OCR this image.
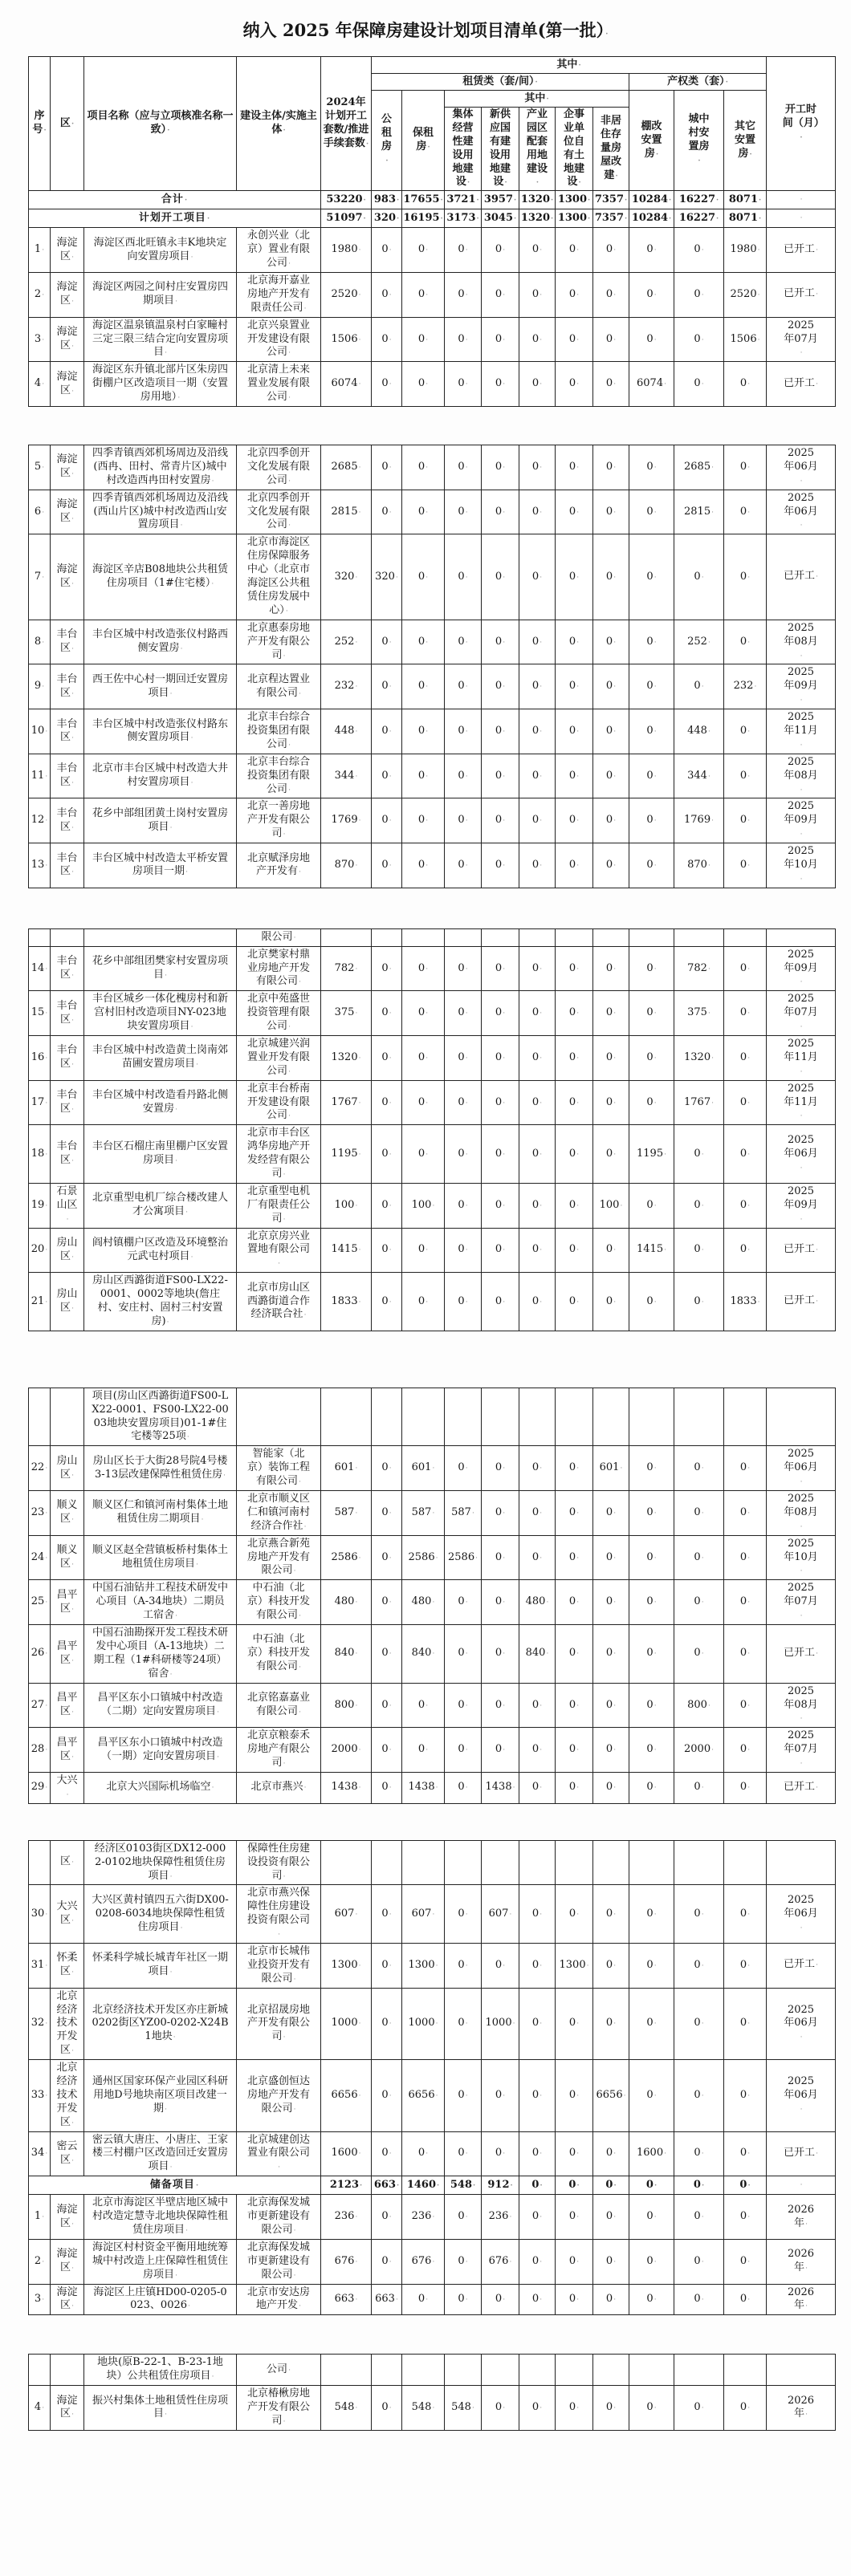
纳入 2025 年保障房建设计划项目清单(第一批） ·
序号 ·	区 ·	项目名称（应与立项核准名称一致） ·	建设主体/实施主体 ·	2024年计划开工套数/推进手续套数 ·	其中 ·										开工时间（月） ·
					租赁类（套/间） ·							产权类（套） ·
					公租房 ·	保租房 ·	其中 ·					棚改安置房 ·	城中村安置房 ·	其它安置房 ·
							集体经营性建设用地建设 ·	新供应国有建设用地建设 ·	产业园区配套用地建设 ·	企事业单位自有土地建设 ·	非居住存量房屋改建 ·
合计 ·				53220 ·	983 ·	17655 ·	3721 ·	3957 ·	1320 ·	1300 ·	7357 ·	10284 ·	16227 ·	8071 ·	·
计划开工项目 ·				51097 ·	320 ·	16195 ·	3173 ·	3045 ·	1320 ·	1300 ·	7357 ·	10284 ·	16227 ·	8071 ·	·
1 ·	海淀区 ·	海淀区西北旺镇永丰K地块定向安置房项目 ·	永创兴业（北京）置业有限公司 ·	1980 ·	0 ·	0 ·	0 ·	0 ·	0 ·	0 ·	0 ·	0 ·	0 ·	1980 ·	已开工 ·
2 ·	海淀区 ·	海淀区两园之间村庄安置房四期项目 ·	北京海开嘉业房地产开发有限责任公司 ·	2520 ·	0 ·	0 ·	0 ·	0 ·	0 ·	0 ·	0 ·	0 ·	0 ·	2520 ·	已开工 ·
3 ·	海淀区 ·	海淀区温泉镇温泉村白家疃村三定三限三结合定向安置房项目 ·	北京兴泉置业开发建设有限公司 ·	1506 ·	0 ·	0 ·	0 ·	0 ·	0 ·	0 ·	0 ·	0 ·	0 ·	1506 ·	2025年07月 ·
4 ·	海淀区 ·	海淀区东升镇北部片区朱房四街棚户区改造项目一期（安置房用地） ·	北京清上未来置业发展有限公司 ·	6074 ·	0 ·	0 ·	0 ·	0 ·	0 ·	0 ·	0 ·	6074 ·	0 ·	0 ·	已开工 ·
5 ·	海淀区 ·	四季青镇西郊机场周边及沿线(西冉、田村、常青片区)城中村改造西冉田村安置房 ·	北京四季创开文化发展有限公司 ·	2685 ·	0 ·	0 ·	0 ·	0 ·	0 ·	0 ·	0 ·	0 ·	2685 ·	0 ·	2025年06月 ·
6 ·	海淀区 ·	四季青镇西郊机场周边及沿线(西山片区)城中村改造西山安置房项目 ·	北京四季创开文化发展有限公司 ·	2815 ·	0 ·	0 ·	0 ·	0 ·	0 ·	0 ·	0 ·	0 ·	2815 ·	0 ·	2025年06月 ·
7 ·	海淀区 ·	海淀区辛店B08地块公共租赁住房项目（1#住宅楼） ·	北京市海淀区住房保障服务中心（北京市海淀区公共租赁住房发展中心） ·	320 ·	320 ·	0 ·	0 ·	0 ·	0 ·	0 ·	0 ·	0 ·	0 ·	0 ·	已开工 ·
8 ·	丰台区 ·	丰台区城中村改造张仪村路西侧安置房 ·	北京惠泰房地产开发有限公司 ·	252 ·	0 ·	0 ·	0 ·	0 ·	0 ·	0 ·	0 ·	0 ·	252 ·	0 ·	2025年08月 ·
9 ·	丰台区 ·	西王佐中心村一期回迁安置房项目 ·	北京程达置业有限公司 ·	232 ·	0 ·	0 ·	0 ·	0 ·	0 ·	0 ·	0 ·	0 ·	0 ·	232 ·	2025年09月 ·
10 ·	丰台区 ·	丰台区城中村改造张仪村路东侧安置房项目 ·	北京丰台综合投资集团有限公司 ·	448 ·	0 ·	0 ·	0 ·	0 ·	0 ·	0 ·	0 ·	0 ·	448 ·	0 ·	2025年11月 ·
11 ·	丰台区 ·	北京市丰台区城中村改造大井村安置房项目 ·	北京丰台综合投资集团有限公司 ·	344 ·	0 ·	0 ·	0 ·	0 ·	0 ·	0 ·	0 ·	0 ·	344 ·	0 ·	2025年08月 ·
12 ·	丰台区 ·	花乡中部组团黄土岗村安置房项目 ·	北京一善房地产开发有限公司 ·	1769 ·	0 ·	0 ·	0 ·	0 ·	0 ·	0 ·	0 ·	0 ·	1769 ·	0 ·	2025年09月 ·
13 ·	丰台区 ·	丰台区城中村改造太平桥安置房项目一期 ·	北京赋泽房地产开发有 ·	870 ·	0 ·	0 ·	0 ·	0 ·	0 ·	0 ·	0 ·	0 ·	870 ·	0 ·	2025年10月 ·
			限公司 ·												
14 ·	丰台区 ·	花乡中部组团樊家村安置房项目 ·	北京樊家村鼎业房地产开发有限公司 ·	782 ·	0 ·	0 ·	0 ·	0 ·	0 ·	0 ·	0 ·	0 ·	782 ·	0 ·	2025年09月 ·
15 ·	丰台区 ·	丰台区城乡一体化槐房村和新宫村旧村改造项目NY-023地块安置房项目 ·	北京中苑盛世投资管理有限公司 ·	375 ·	0 ·	0 ·	0 ·	0 ·	0 ·	0 ·	0 ·	0 ·	375 ·	0 ·	2025年07月 ·
16 ·	丰台区 ·	丰台区城中村改造黄土岗南郊苗圃安置房项目 ·	北京城建兴润置业开发有限公司 ·	1320 ·	0 ·	0 ·	0 ·	0 ·	0 ·	0 ·	0 ·	0 ·	1320 ·	0 ·	2025年11月 ·
17 ·	丰台区 ·	丰台区城中村改造看丹路北侧安置房 ·	北京丰台桥南开发建设有限公司 ·	1767 ·	0 ·	0 ·	0 ·	0 ·	0 ·	0 ·	0 ·	0 ·	1767 ·	0 ·	2025年11月 ·
18 ·	丰台区 ·	丰台区石榴庄南里棚户区安置房项目 ·	北京市丰台区鸿华房地产开发经营有限公司 ·	1195 ·	0 ·	0 ·	0 ·	0 ·	0 ·	0 ·	0 ·	1195 ·	0 ·	0 ·	2025年06月 ·
19 ·	石景山区 ·	北京重型电机厂综合楼改建人才公寓项目 ·	北京重型电机厂有限责任公司 ·	100 ·	0 ·	100 ·	0 ·	0 ·	0 ·	0 ·	100 ·	0 ·	0 ·	0 ·	2025年09月 ·
20 ·	房山区 ·	阎村镇棚户区改造及环境整治元武屯村项目 ·	北京京房兴业置地有限公司 ·	1415 ·	0 ·	0 ·	0 ·	0 ·	0 ·	0 ·	0 ·	1415 ·	0 ·	0 ·	已开工 ·
21 ·	房山区 ·	房山区西潞街道FS00-LX22-0001、0002等地块(詹庄村、安庄村、固村三村安置房) ·	北京市房山区西潞街道合作经济联合社 ·	1833 ·	0 ·	0 ·	0 ·	0 ·	0 ·	0 ·	0 ·	0 ·	0 ·	1833 ·	已开工 ·
		项目(房山区西潞街道FS00-LX22-0001、FS00-LX22-0003地块安置房项目)01-1#住宅楼等25项 ·													
22 ·	房山区 ·	房山区长于大街28号院4号楼3-13层改建保障性租赁住房 ·	智能家（北京）装饰工程有限公司 ·	601 ·	0 ·	601 ·	0 ·	0 ·	0 ·	0 ·	601 ·	0 ·	0 ·	0 ·	2025年06月 ·
23 ·	顺义区 ·	顺义区仁和镇河南村集体土地租赁住房二期项目 ·	北京市顺义区仁和镇河南村经济合作社 ·	587 ·	0 ·	587 ·	587 ·	0 ·	0 ·	0 ·	0 ·	0 ·	0 ·	0 ·	2025年08月 ·
24 ·	顺义区 ·	顺义区赵全营镇板桥村集体土地租赁住房项目 ·	北京燕合新苑房地产开发有限公司 ·	2586 ·	0 ·	2586 ·	2586 ·	0 ·	0 ·	0 ·	0 ·	0 ·	0 ·	0 ·	2025年10月 ·
25 ·	昌平区 ·	中国石油钻井工程技术研发中心项目（A-34地块）二期员工宿舍 ·	中石油（北京）科技开发有限公司 ·	480 ·	0 ·	480 ·	0 ·	0 ·	480 ·	0 ·	0 ·	0 ·	0 ·	0 ·	2025年07月 ·
26 ·	昌平区 ·	中国石油勘探开发工程技术研发中心项目（A-13地块）二期工程（1#科研楼等24项）宿舍 ·	中石油（北京）科技开发有限公司 ·	840 ·	0 ·	840 ·	0 ·	0 ·	840 ·	0 ·	0 ·	0 ·	0 ·	0 ·	已开工 ·
27 ·	昌平区 ·	昌平区东小口镇城中村改造（二期）定向安置房项目 ·	北京铭嘉嘉业有限公司 ·	800 ·	0 ·	0 ·	0 ·	0 ·	0 ·	0 ·	0 ·	0 ·	800 ·	0 ·	2025年08月 ·
28 ·	昌平区 ·	昌平区东小口镇城中村改造（一期）定向安置房项目 ·	北京京粮泰禾房地产有限公司 ·	2000 ·	0 ·	0 ·	0 ·	0 ·	0 ·	0 ·	0 ·	0 ·	2000 ·	0 ·	2025年07月 ·
29 ·	大兴 ·	北京大兴国际机场临空 ·	北京市燕兴 ·	1438 ·	0 ·	1438 ·	0 ·	1438 ·	0 ·	0 ·	0 ·	0 ·	0 ·	0 ·	已开工 ·
	区 ·	经济区0103街区DX12-0002-0102地块保障性租赁住房项目 ·	保障性住房建设投资有限公司 ·												
30 ·	大兴区 ·	大兴区黄村镇四五六街DX00-0208-6034地块保障性租赁住房项目 ·	北京市燕兴保障性住房建设投资有限公司 ·	607 ·	0 ·	607 ·	0 ·	607 ·	0 ·	0 ·	0 ·	0 ·	0 ·	0 ·	2025年06月 ·
31 ·	怀柔区 ·	怀柔科学城长城青年社区一期项目 ·	北京市长城伟业投资开发有限公司 ·	1300 ·	0 ·	1300 ·	0 ·	0 ·	0 ·	1300 ·	0 ·	0 ·	0 ·	0 ·	已开工 ·
32 ·	北京经济技术开发区 ·	北京经济技术开发区亦庄新城0202街区YZ00-0202-X24B1地块 ·	北京招晟房地产开发有限公司 ·	1000 ·	0 ·	1000 ·	0 ·	1000 ·	0 ·	0 ·	0 ·	0 ·	0 ·	0 ·	2025年06月 ·
33 ·	北京经济技术开发区 ·	通州区国家环保产业园区科研用地D号地块南区项目改建一期 ·	北京盛创恒达房地产开发有限公司 ·	6656 ·	0 ·	6656 ·	0 ·	0 ·	0 ·	0 ·	6656 ·	0 ·	0 ·	0 ·	2025年06月 ·
34 ·	密云区 ·	密云镇大唐庄、小唐庄、王家楼三村棚户区改造回迁安置房项目 ·	北京城建创达置业有限公司 ·	1600 ·	0 ·	0 ·	0 ·	0 ·	0 ·	0 ·	0 ·	1600 ·	0 ·	0 ·	已开工 ·
储备项目 ·				2123 ·	663 ·	1460 ·	548 ·	912 ·	0 ·	0 ·	0 ·	0 ·	0 ·	0 ·	·
1 ·	海淀区 ·	北京市海淀区半壁店地区城中村改造定慧寺北地块保障性租赁住房项目 ·	北京海保发城市更新建设有限公司 ·	236 ·	0 ·	236 ·	0 ·	236 ·	0 ·	0 ·	0 ·	0 ·	0 ·	0 ·	2026年 ·
2 ·	海淀区 ·	海淀区村村资金平衡用地统筹城中村改造上庄保障性租赁住房项目 ·	北京海保发城市更新建设有限公司 ·	676 ·	0 ·	676 ·	0 ·	676 ·	0 ·	0 ·	0 ·	0 ·	0 ·	0 ·	2026年 ·
3 ·	海淀区 ·	海淀区上庄镇HD00-0205-0023、0026 ·	北京市安达房地产开发 ·	663 ·	663 ·	0 ·	0 ·	0 ·	0 ·	0 ·	0 ·	0 ·	0 ·	0 ·	2026年 ·
		地块(原B-22-1、B-23-1地块）公共租赁住房项目 ·	公司 ·												
4 ·	海淀区 ·	振兴村集体土地租赁性住房项目 ·	北京椿楸房地产开发有限公司 ·	548 ·	0 ·	548 ·	548 ·	0 ·	0 ·	0 ·	0 ·	0 ·	0 ·	0 ·	2026年 ·
